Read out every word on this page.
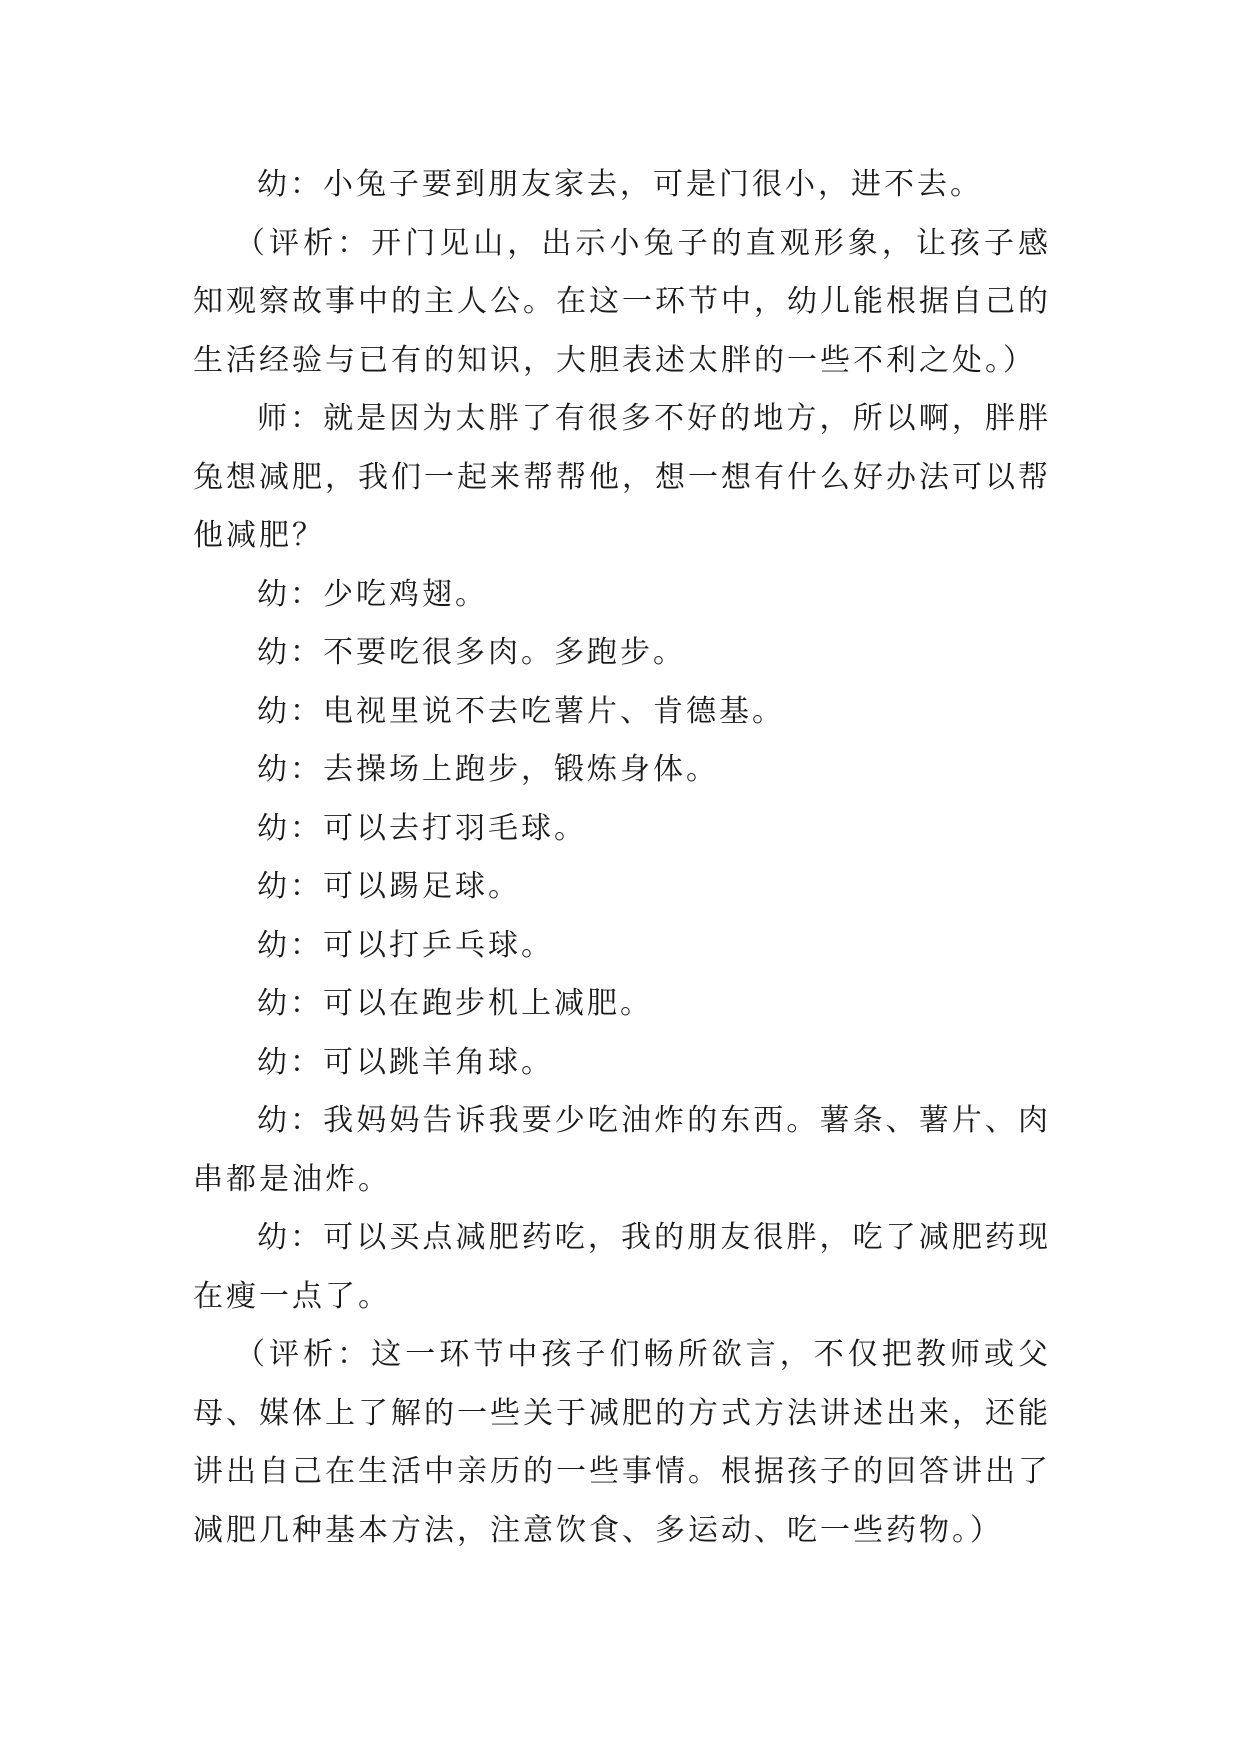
幼：小兔子要到朋友家去，可是门很小，进不去。

（评析：开门见山，出示小兔子的直观形象，让孩子感知观察故事中的主人公。在这一环节中，幼儿能根据自己的生活经验与已有的知识，大胆表述太胖的一些不利之处。）

师：就是因为太胖了有很多不好的地方，所以啊，胖胖兔想减肥，我们一起来帮帮他，想一想有什么好办法可以帮他减肥？

幼：少吃鸡翅。

幼：不要吃很多肉。多跑步。

幼：电视里说不去吃薯片、肯德基。

幼：去操场上跑步，锻炼身体。

幼：可以去打羽毛球。

幼：可以踢足球。

幼：可以打乒乓球。

幼：可以在跑步机上减肥。

幼：可以跳羊角球。

幼：我妈妈告诉我要少吃油炸的东西。薯条、薯片、肉串都是油炸。

幼：可以买点减肥药吃，我的朋友很胖，吃了减肥药现在瘦一点了。

（评析：这一环节中孩子们畅所欲言，不仅把教师或父母、媒体上了解的一些关于减肥的方式方法讲述出来，还能讲出自己在生活中亲历的一些事情。根据孩子的回答讲出了减肥几种基本方法，注意饮食、多运动、吃一些药物。）
